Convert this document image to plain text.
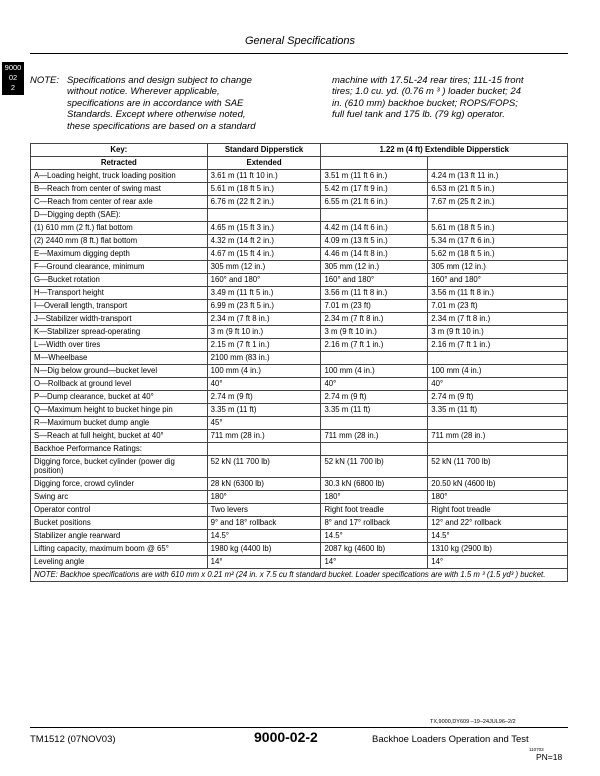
General Specifications
9000
02
2
NOTE: Specifications and design subject to change
without notice. Wherever applicable,
specifications are in accordance with SAE
Standards. Except where otherwise noted,
these specifications are based on a standard
machine with 17.5L-24 rear tires; 11L-15 front
tires; 1.0 cu. yd. (0.76 m ³ ) loader bucket; 24
in. (610 mm) backhoe bucket; ROPS/FOPS;
full fuel tank and 175 lb. (79 kg) operator.
Key:	Standard Dipperstick	1.22 m (4 ft) Extendible Dipperstick	
Retracted	Extended		
A—Loading height, truck loading position	3.61 m (11 ft 10 in.)	3.51 m (11 ft 6 in.)	4.24 m (13 ft 11 in.)
B—Reach from center of swing mast	5.61 m (18 ft 5 in.)	5.42 m (17 ft 9 in.)	6.53 m (21 ft 5 in.)
C—Reach from center of rear axle	6.76 m (22 ft 2 in.)	6.55 m (21 ft 6 in.)	7.67 m (25 ft 2 in.)
D—Digging depth (SAE):			
(1) 610 mm (2 ft.) flat bottom	4.65 m (15 ft 3 in.)	4.42 m (14 ft 6 in.)	5.61 m (18 ft 5 in.)
(2) 2440 mm (8 ft.) flat bottom	4.32 m (14 ft 2 in.)	4.09 m (13 ft 5 in.)	5.34 m (17 ft 6 in.)
E—Maximum digging depth	4.67 m (15 ft 4 in.)	4.46 m (14 ft 8 in.)	5.62 m (18 ft 5 in.)
F—Ground clearance, minimum	305 mm (12 in.)	305 mm (12 in.)	305 mm (12 in.)
G—Bucket rotation	160° and 180°	160° and 180°	160° and 180°
H—Transport height	3.49 m (11 ft 5 in.)	3.56 m (11 ft 8 in.)	3.56 m (11 ft 8 in.)
I—Overall length, transport	6.99 m (23 ft 5 in.)	7.01 m (23 ft)	7.01 m (23 ft)
J—Stabilizer width-transport	2.34 m (7 ft 8 in.)	2.34 m (7 ft 8 in.)	2.34 m (7 ft 8 in.)
K—Stabilizer spread-operating	3 m (9 ft 10 in.)	3 m (9 ft 10 in.)	3 m (9 ft 10 in.)
L—Width over tires	2.15 m (7 ft 1 in.)	2.16 m (7 ft 1 in.)	2.16 m (7 ft 1 in.)
M—Wheelbase	2100 mm (83 in.)		
N—Dig below ground—bucket level	100 mm (4 in.)	100 mm (4 in.)	100 mm (4 in.)
O—Rollback at ground level	40°	40°	40°
P—Dump clearance, bucket at 40°	2.74 m (9 ft)	2.74 m (9 ft)	2.74 m (9 ft)
Q—Maximum height to bucket hinge pin	3.35 m (11 ft)	3.35 m (11 ft)	3.35 m (11 ft)
R—Maximum bucket dump angle	45°		
S—Reach at full height, bucket at 40°	711 mm (28 in.)	711 mm (28 in.)	711 mm (28 in.)
Backhoe Performance Ratings:			
Digging force, bucket cylinder (power dig position)	52 kN (11 700 lb)	52 kN (11 700 lb)	52 kN (11 700 lb)
Digging force, crowd cylinder	28 kN (6300 lb)	30.3 kN (6800 lb)	20.50 kN (4600 lb)
Swing arc	180°	180°	180°
Operator control	Two levers	Right foot treadle	Right foot treadle
Bucket positions	9° and 18° rollback	8° and 17° rollback	12° and 22° rollback
Stabilizer angle rearward	14.5°	14.5°	14.5°
Lifting capacity, maximum boom @ 65°	1980 kg (4400 lb)	2087 kg (4600 lb)	1310 kg (2900 lb)
Leveling angle	14°	14°	14°
NOTE: Backhoe specifications are with 610 mm x 0.21 m² (24 in. x 7.5 cu ft standard bucket. Loader specifications are with 1.5 m ³ (1.5 yd³ ) bucket.			
TX,9000,DY609 –19–24JUL96–2/2
TM1512 (07NOV03)	9000-02-2	Backhoe Loaders Operation and Test
110703
PN=18
